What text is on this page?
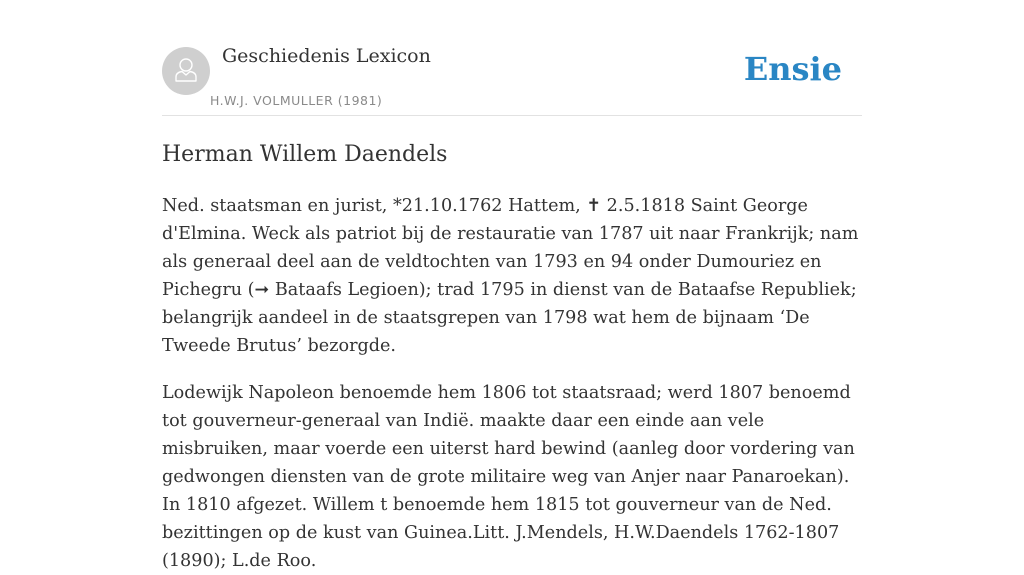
Geschiedenis Lexicon
H.W.J. VOLMULLER (1981)
Ensie
Herman Willem Daendels

Ned. staatsman en jurist, *21.10.1762 Hattem, ✝ 2.5.1818 Saint George d'Elmina. Weck als patriot bij de restauratie van 1787 uit naar Frankrijk; nam als generaal deel aan de veldtochten van 1793 en 94 onder Dumouriez en Pichegru (➞ Bataafs Legioen); trad 1795 in dienst van de Bataafse Republiek; belangrijk aandeel in de staatsgrepen van 1798 wat hem de bijnaam ‘De Tweede Brutus’ bezorgde.

Lodewijk Napoleon benoemde hem 1806 tot staatsraad; werd 1807 benoemd tot gouverneur-generaal van Indië. maakte daar een einde aan vele misbruiken, maar voerde een uiterst hard bewind (aanleg door vordering van gedwongen diensten van de grote militaire weg van Anjer naar Panaroekan). In 1810 afgezet. Willem t benoemde hem 1815 tot gouverneur van de Ned. bezittingen op de kust van Guinea.Litt. J.Mendels, H.W.Daendels 1762-1807 (1890); L.de Roo.
